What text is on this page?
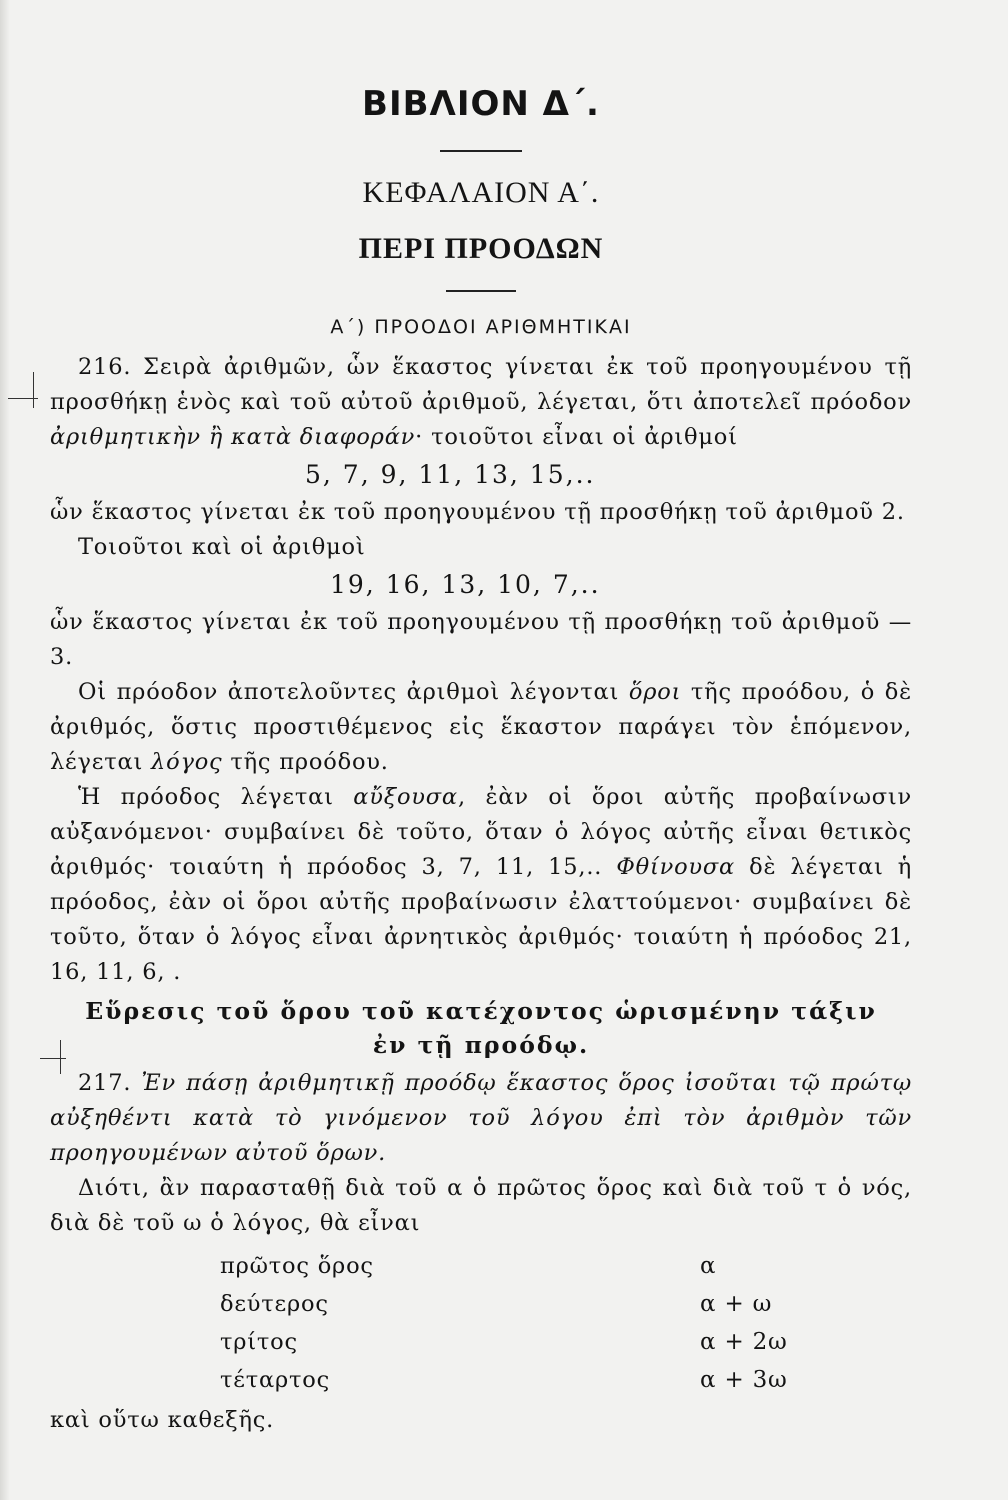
ΒΙΒΛΙΟΝ Δ΄.
ΚΕΦΑΛΑΙΟΝ Α΄.
ΠΕΡΙ ΠΡΟΟΔΩΝ
Α΄) ΠΡΟΟΔΟΙ ΑΡΙΘΜΗΤΙΚΑΙ

216. Σειρὰ ἀριθμῶν, ὧν ἕκαστος γίνεται ἐκ τοῦ προηγουμένου τῇ προσθήκῃ ἑνὸς καὶ τοῦ αὐτοῦ ἀριθμοῦ, λέγεται, ὅτι ἀποτελεῖ πρόοδον ἀριθμητικὴν ἢ κατὰ διαφοράν· τοιοῦτοι εἶναι οἱ ἀριθμοί

5, 7, 9, 11, 13, 15,..

ὧν ἕκαστος γίνεται ἐκ τοῦ προηγουμένου τῇ προσθήκῃ τοῦ ἀριθμοῦ 2.

Τοιοῦτοι καὶ οἱ ἀριθμοὶ

19, 16, 13, 10, 7,..

ὧν ἕκαστος γίνεται ἐκ τοῦ προηγουμένου τῇ προσθήκῃ τοῦ ἀριθμοῦ —3.

Οἱ πρόοδον ἀποτελοῦντες ἀριθμοὶ λέγονται ὅροι τῆς προόδου, ὁ δὲ ἀριθμός, ὅστις προστιθέμενος εἰς ἕκαστον παράγει τὸν ἑπόμενον, λέγεται λόγος τῆς προόδου.

Ἡ πρόοδος λέγεται αὔξουσα, ἐὰν οἱ ὅροι αὐτῆς προβαίνωσιν αὐξανόμενοι· συμβαίνει δὲ τοῦτο, ὅταν ὁ λόγος αὐτῆς εἶναι θετικὸς ἀριθμός· τοιαύτη ἡ πρόοδος 3, 7, 11, 15,.. Φθίνουσα δὲ λέγεται ἡ πρόοδος, ἐὰν οἱ ὅροι αὐτῆς προβαίνωσιν ἐλαττούμενοι· συμβαίνει δὲ τοῦτο, ὅταν ὁ λόγος εἶναι ἀρνητικὸς ἀριθμός· τοιαύτη ἡ πρόοδος 21, 16, 11, 6, .

Εὕρεσις τοῦ ὅρου τοῦ κατέχοντος ὡρισμένην τάξιν
ἐν τῇ προόδῳ.

217. Ἐν πάσῃ ἀριθμητικῇ προόδῳ ἕκαστος ὅρος ἰσοῦται τῷ πρώτῳ αὐξηθέντι κατὰ τὸ γινόμενον τοῦ λόγου ἐπὶ τὸν ἀριθμὸν τῶν προηγουμένων αὐτοῦ ὅρων.

Διότι, ἂν παρασταθῇ διὰ τοῦ α ὁ πρῶτος ὅρος καὶ διὰ τοῦ τ ὁ νός, διὰ δὲ τοῦ ω ὁ λόγος, θὰ εἶναι

πρῶτος ὅρος	α
δεύτερος	α + ω
τρίτος	α + 2ω
τέταρτος	α + 3ω

καὶ οὕτω καθεξῆς.
